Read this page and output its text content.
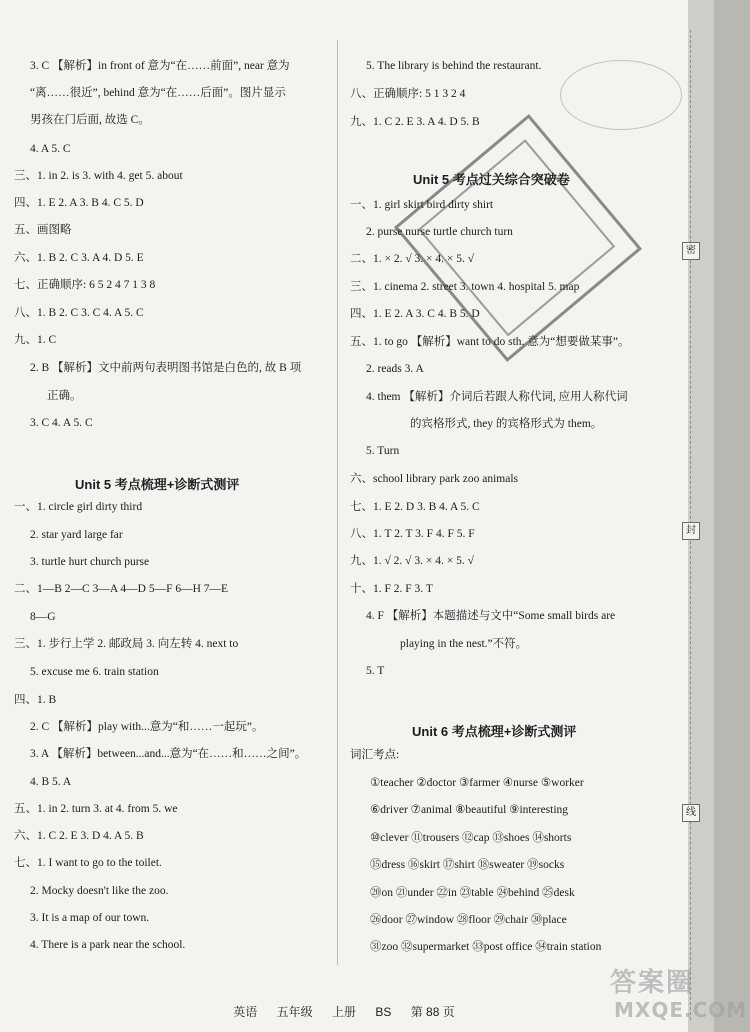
密
封
线
3. C 【解析】in front of 意为“在……前面”, near 意为
“离……很近”, behind 意为“在……后面”。图片显示
男孩在门后面, 故选 C。
4. A 5. C
三、1. in 2. is 3. with 4. get 5. about
四、1. E 2. A 3. B 4. C 5. D
五、画图略
六、1. B 2. C 3. A 4. D 5. E
七、正确顺序: 6 5 2 4 7 1 3 8
八、1. B 2. C 3. C 4. A 5. C
九、1. C
2. B 【解析】文中前两句表明图书馆是白色的, 故 B 项
正确。
3. C 4. A 5. C
Unit 5 考点梳理+诊断式测评
一、1. circle girl dirty third
2. star yard large far
3. turtle hurt church purse
二、1—B 2—C 3—A 4—D 5—F 6—H 7—E
8—G
三、1. 步行上学 2. 邮政局 3. 向左转 4. next to
5. excuse me 6. train station
四、1. B
2. C 【解析】play with...意为“和……一起玩”。
3. A 【解析】between...and...意为“在……和……之间”。
4. B 5. A
五、1. in 2. turn 3. at 4. from 5. we
六、1. C 2. E 3. D 4. A 5. B
七、1. I want to go to the toilet.
2. Mocky doesn't like the zoo.
3. It is a map of our town.
4. There is a park near the school.
5. The library is behind the restaurant.
八、正确顺序: 5 1 3 2 4
九、1. C 2. E 3. A 4. D 5. B
Unit 5 考点过关综合突破卷
一、1. girl skirt bird dirty shirt
2. purse nurse turtle church turn
二、1. × 2. √ 3. × 4. × 5. √
三、1. cinema 2. street 3. town 4. hospital 5. map
四、1. E 2. A 3. C 4. B 5. D
五、1. to go 【解析】want to do sth. 意为“想要做某事”。
2. reads 3. A
4. them 【解析】介词后若跟人称代词, 应用人称代词
的宾格形式, they 的宾格形式为 them。
5. Turn
六、school library park zoo animals
七、1. E 2. D 3. B 4. A 5. C
八、1. T 2. T 3. F 4. F 5. F
九、1. √ 2. √ 3. × 4. × 5. √
十、1. F 2. F 3. T
4. F 【解析】本题描述与文中“Some small birds are
playing in the nest.”不符。
5. T
Unit 6 考点梳理+诊断式测评
词汇考点:
①teacher ②doctor ③farmer ④nurse ⑤worker
⑥driver ⑦animal ⑧beautiful ⑨interesting
⑩clever ⑪trousers ⑫cap ⑬shoes ⑭shorts
⑮dress ⑯skirt ⑰shirt ⑱sweater ⑲socks
⑳on ㉑under ㉒in ㉓table ㉔behind ㉕desk
㉖door ㉗window ㉘floor ㉙chair ㉚place
㉛zoo ㉜supermarket ㉝post office ㉞train station
英语 五年级 上册 BS 第 88 页
答案圈
MXQE.COM
